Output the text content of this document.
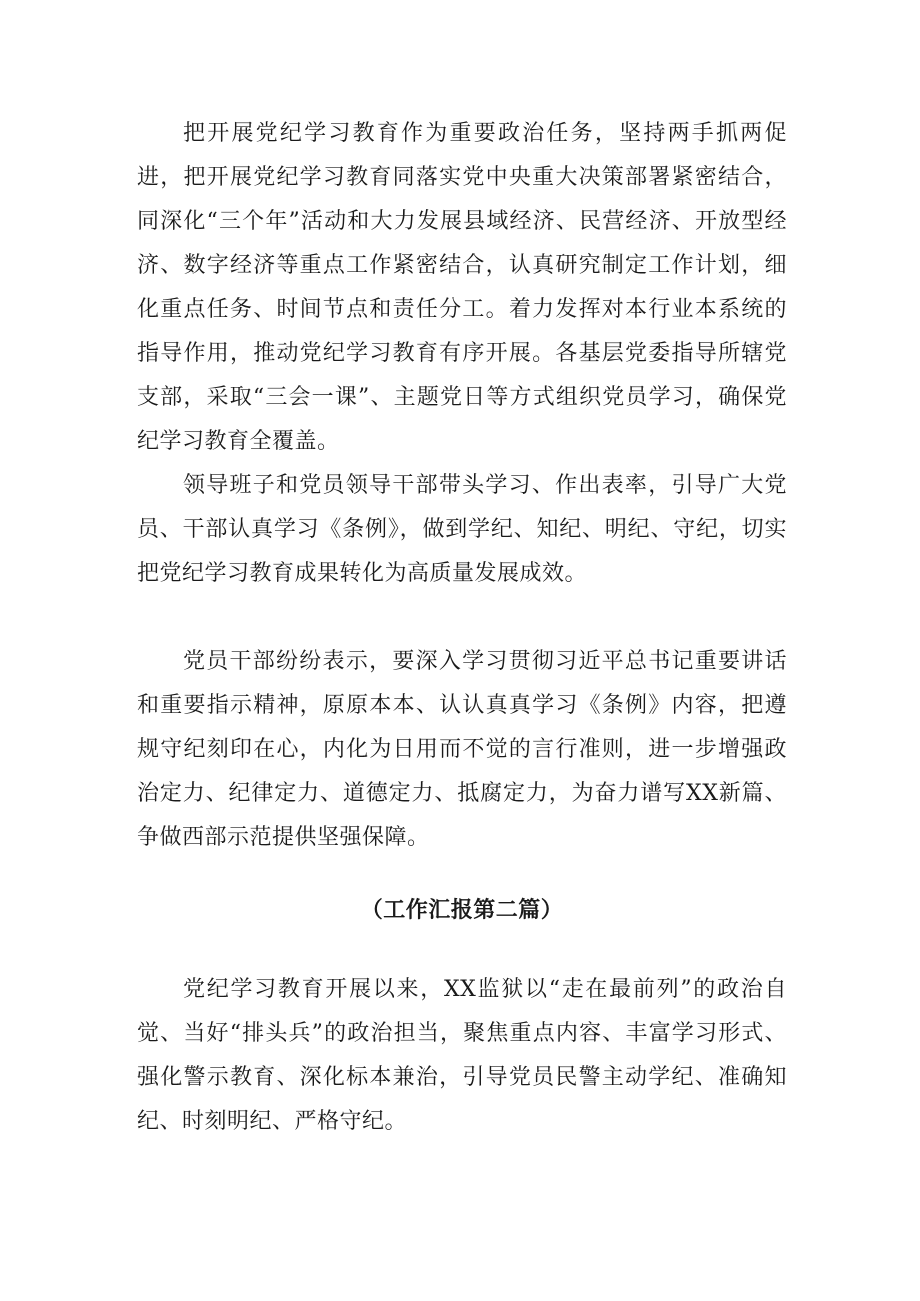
把开展党纪学习教育作为重要政治任务，坚持两手抓两促进，把开展党纪学习教育同落实党中央重大决策部署紧密结合，同深化“三个年”活动和大力发展县域经济、民营经济、开放型经济、数字经济等重点工作紧密结合，认真研究制定工作计划，细化重点任务、时间节点和责任分工。着力发挥对本行业本系统的指导作用，推动党纪学习教育有序开展。各基层党委指导所辖党支部，采取“三会一课”、主题党日等方式组织党员学习，确保党纪学习教育全覆盖。

领导班子和党员领导干部带头学习、作出表率，引导广大党员、干部认真学习《条例》，做到学纪、知纪、明纪、守纪，切实把党纪学习教育成果转化为高质量发展成效。

党员干部纷纷表示，要深入学习贯彻习近平总书记重要讲话和重要指示精神，原原本本、认认真真学习《条例》内容，把遵规守纪刻印在心，内化为日用而不觉的言行准则，进一步增强政治定力、纪律定力、道德定力、抵腐定力，为奋力谱写XX新篇、争做西部示范提供坚强保障。

（工作汇报第二篇）

党纪学习教育开展以来，XX监狱以“走在最前列”的政治自觉、当好“排头兵”的政治担当，聚焦重点内容、丰富学习形式、强化警示教育、深化标本兼治，引导党员民警主动学纪、准确知纪、时刻明纪、严格守纪。
